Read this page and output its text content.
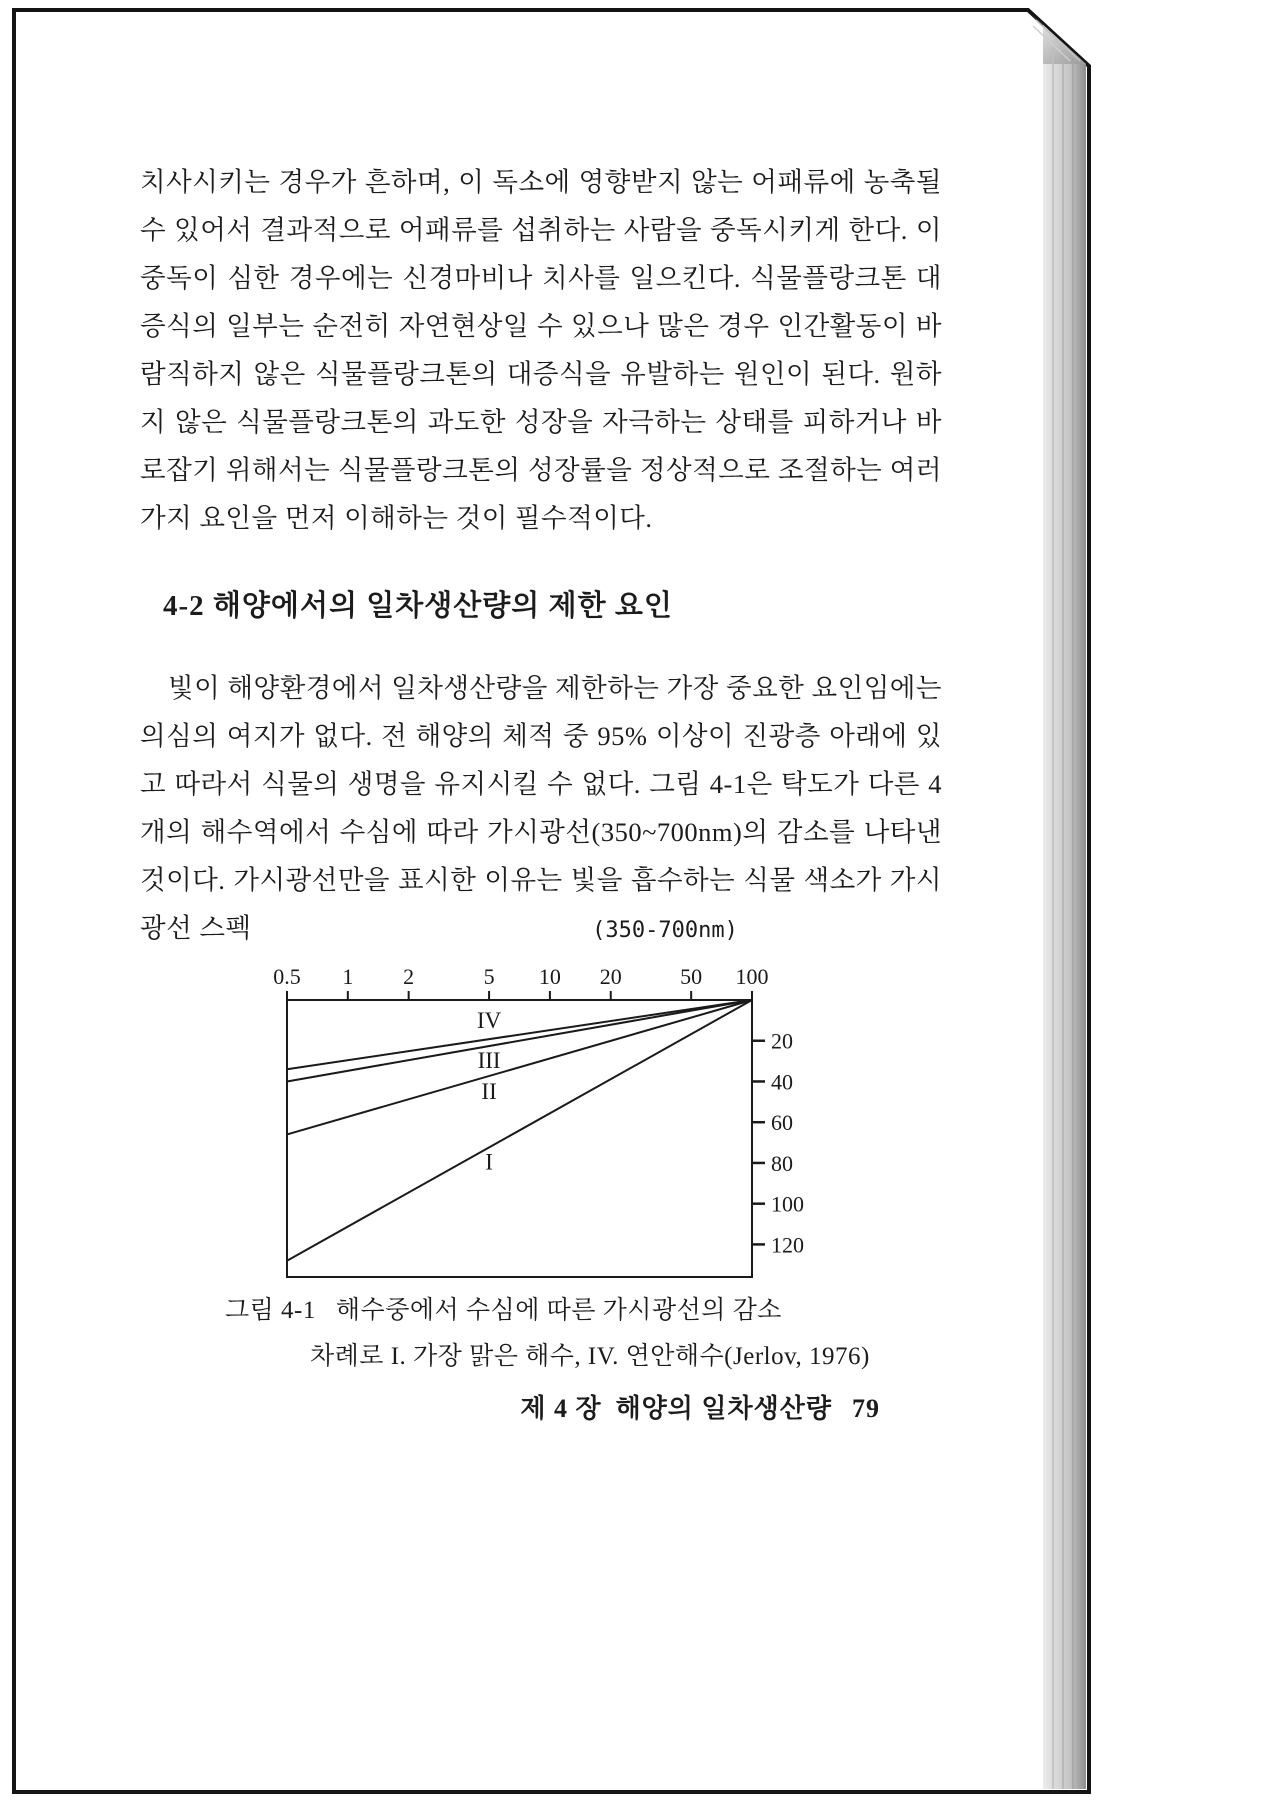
치사시키는 경우가 흔하며, 이 독소에 영향받지 않는 어패류에 농축될 수 있어서 결과적으로 어패류를 섭취하는 사람을 중독시키게 한다. 이 중독이 심한 경우에는 신경마비나 치사를 일으킨다. 식물플랑크톤 대증식의 일부는 순전히 자연현상일 수 있으나 많은 경우 인간활동이 바람직하지 않은 식물플랑크톤의 대증식을 유발하는 원인이 된다. 원하지 않은 식물플랑크톤의 과도한 성장을 자극하는 상태를 피하거나 바로잡기 위해서는 식물플랑크톤의 성장률을 정상적으로 조절하는 여러 가지 요인을 먼저 이해하는 것이 필수적이다.

4-2 해양에서의 일차생산량의 제한 요인

빛이 해양환경에서 일차생산량을 제한하는 가장 중요한 요인임에는 의심의 여지가 없다. 전 해양의 체적 중 95% 이상이 진광층 아래에 있고 따라서 식물의 생명을 유지시킬 수 없다. 그림 4-1은 탁도가 다른 4개의 해수역에서 수심에 따라 가시광선(350~700nm)의 감소를 나타낸 것이다. 가시광선만을 표시한 이유는 빛을 흡수하는 식물 색소가 가시광선 스펙	(350-700nm)
0.5 1 2	5 10 20	50 100
20
40
60
80
100
120
I
II
III
IV
그림 4-1 해수중에서 수심에 따른 가시광선의 감소
차례로 I. 가장 맑은 해수, IV. 연안해수(Jerlov, 1976)
제 4 장 해양의 일차생산량 79
